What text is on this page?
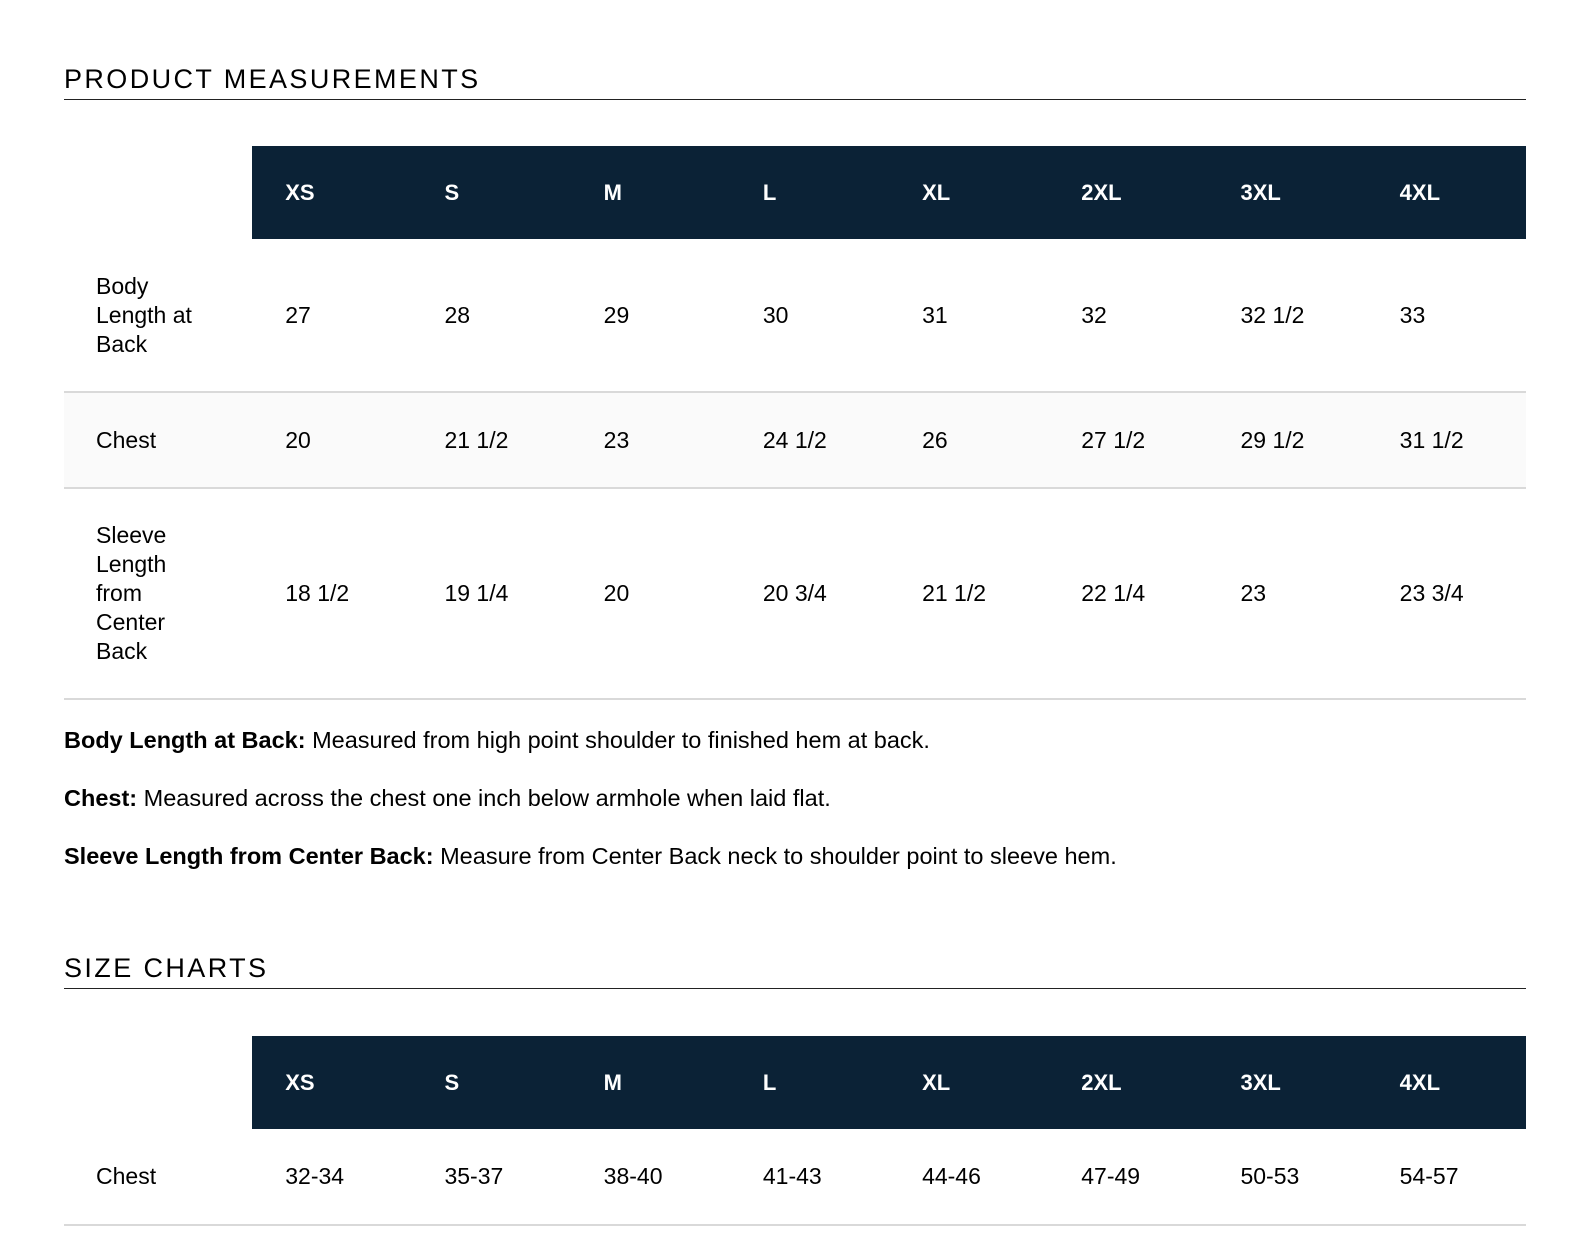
PRODUCT MEASUREMENTS
	XS	S	M	L	XL	2XL	3XL	4XL
Body
Length at
Back	27	28	29	30	31	32	32 1/2	33
Chest	20	21 1/2	23	24 1/2	26	27 1/2	29 1/2	31 1/2
Sleeve
Length
from
Center
Back	18 1/2	19 1/4	20	20 3/4	21 1/2	22 1/4	23	23 3/4

Body Length at Back: Measured from high point shoulder to finished hem at back.

Chest: Measured across the chest one inch below armhole when laid flat.

Sleeve Length from Center Back: Measure from Center Back neck to shoulder point to sleeve hem.

SIZE CHARTS
	XS	S	M	L	XL	2XL	3XL	4XL
Chest	32-34	35-37	38-40	41-43	44-46	47-49	50-53	54-57
